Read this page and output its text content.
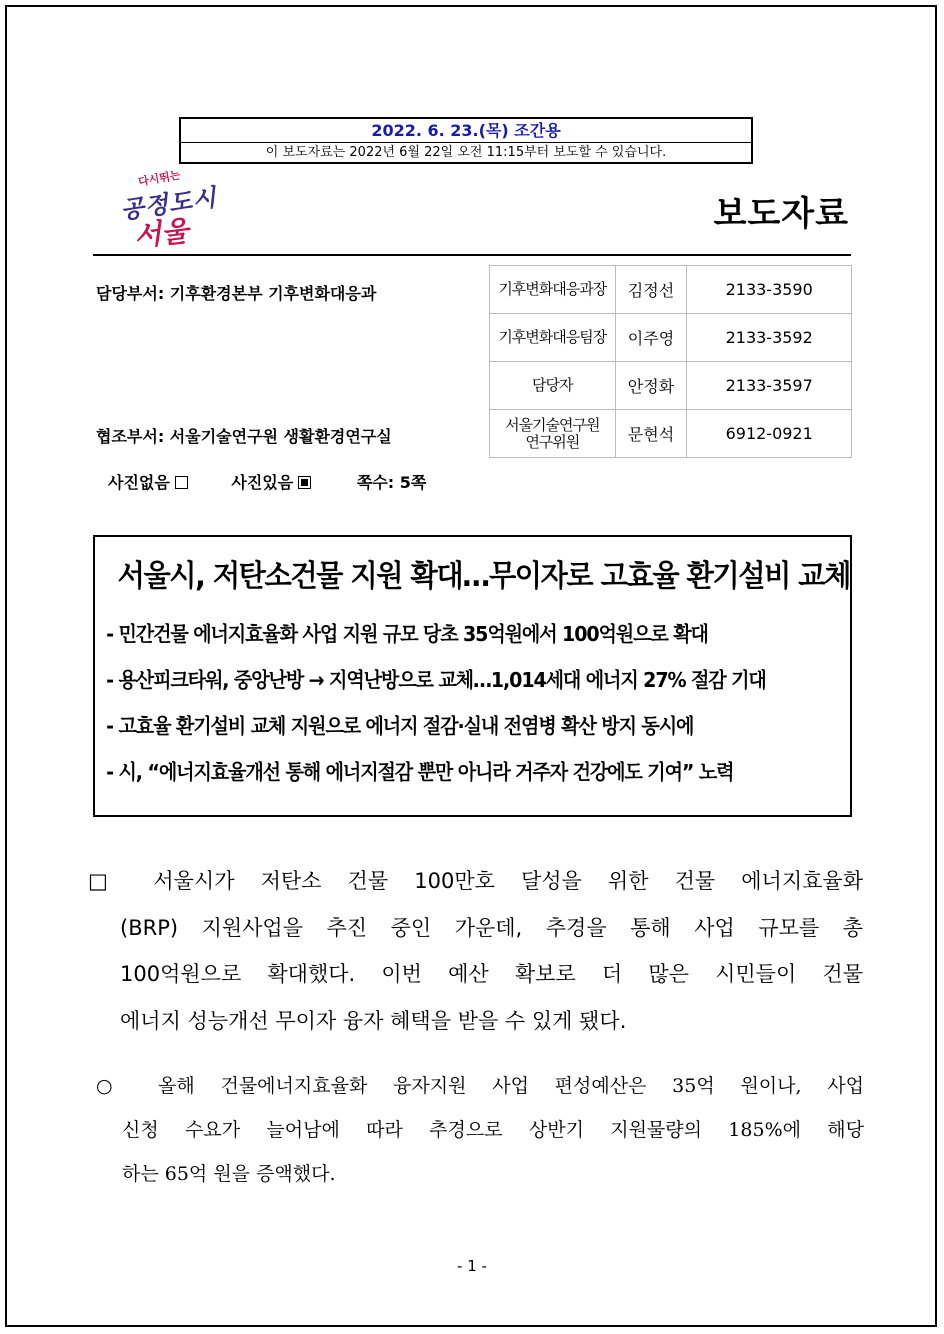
2022. 6. 23.(목) 조간용
이 보도자료는 2022년 6월 22일 오전 11:15부터 보도할 수 있습니다.
다시뛰는
공정도시
서울	보도자료
담당부서: 기후환경본부 기후변화대응과
협조부서: 서울기술연구원 생활환경연구실
기후변화대응과장	김정선	2133-3590
기후변화대응팀장	이주영	2133-3592
담당자	안정화	2133-3597
서울기술연구원
연구위원	문현석	6912-0921
사진없음	사진있음	쪽수: 5쪽
서울시, 저탄소건물 지원 확대…무이자로 고효율 환기설비 교체
- 민간건물 에너지효율화 사업 지원 규모 당초 35억원에서 100억원으로 확대
- 용산피크타워, 중앙난방 → 지역난방으로 교체…1,014세대 에너지 27% 절감 기대
- 고효율 환기설비 교체 지원으로 에너지 절감·실내 전염병 확산 방지 동시에
- 시, “에너지효율개선 통해 에너지절감 뿐만 아니라 거주자 건강에도 기여” 노력
□ 서울시가 저탄소 건물 100만호 달성을 위한 건물 에너지효율화
(BRP) 지원사업을 추진 중인 가운데, 추경을 통해 사업 규모를 총
100억원으로 확대했다. 이번 예산 확보로 더 많은 시민들이 건물
에너지 성능개선 무이자 융자 혜택을 받을 수 있게 됐다.
○ 올해 건물에너지효율화 융자지원 사업 편성예산은 35억 원이나, 사업
신청 수요가 늘어남에 따라 추경으로 상반기 지원물량의 185%에 해당
하는 65억 원을 증액했다.
- 1 -
